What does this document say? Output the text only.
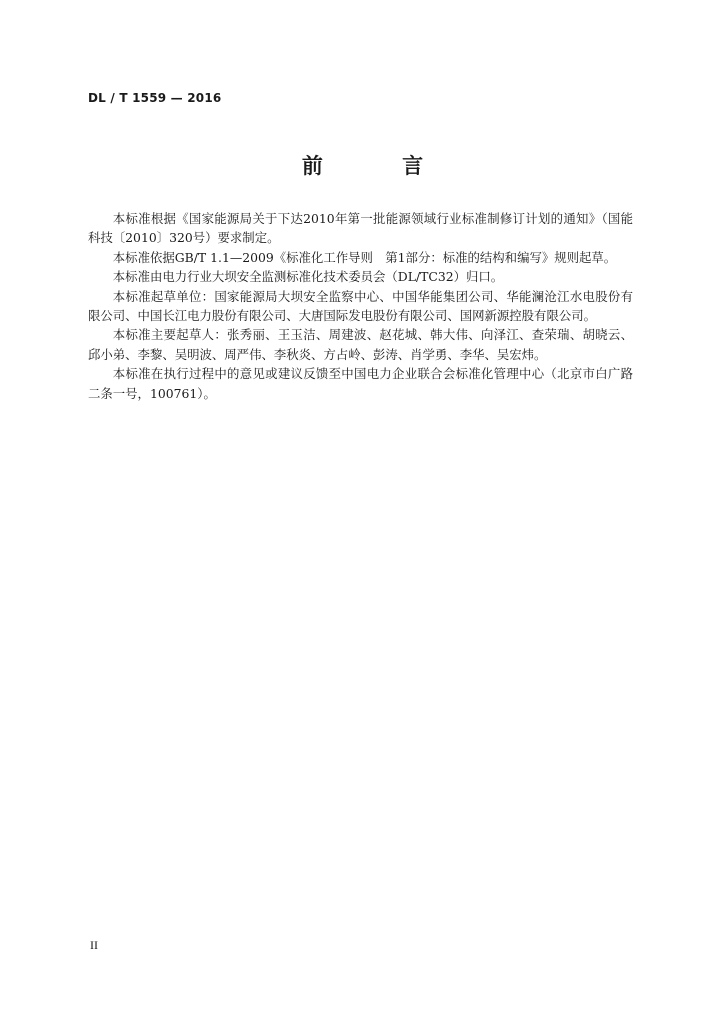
DL / T 1559 — 2016
前 言

本标准根据《国家能源局关于下达2010年第一批能源领域行业标准制修订计划的通知》（国能科技〔2010〕320号）要求制定。

本标准依据GB/T 1.1—2009《标准化工作导则　第1部分：标准的结构和编写》规则起草。

本标准由电力行业大坝安全监测标准化技术委员会（DL/TC32）归口。

本标准起草单位：国家能源局大坝安全监察中心、中国华能集团公司、华能澜沧江水电股份有限公司、中国长江电力股份有限公司、大唐国际发电股份有限公司、国网新源控股有限公司。

本标准主要起草人：张秀丽、王玉洁、周建波、赵花城、韩大伟、向泽江、查荣瑞、胡晓云、邱小弟、李黎、吴明波、周严伟、李秋炎、方占岭、彭涛、肖学勇、李华、吴宏炜。

本标准在执行过程中的意见或建议反馈至中国电力企业联合会标准化管理中心（北京市白广路二条一号，100761）。

II
